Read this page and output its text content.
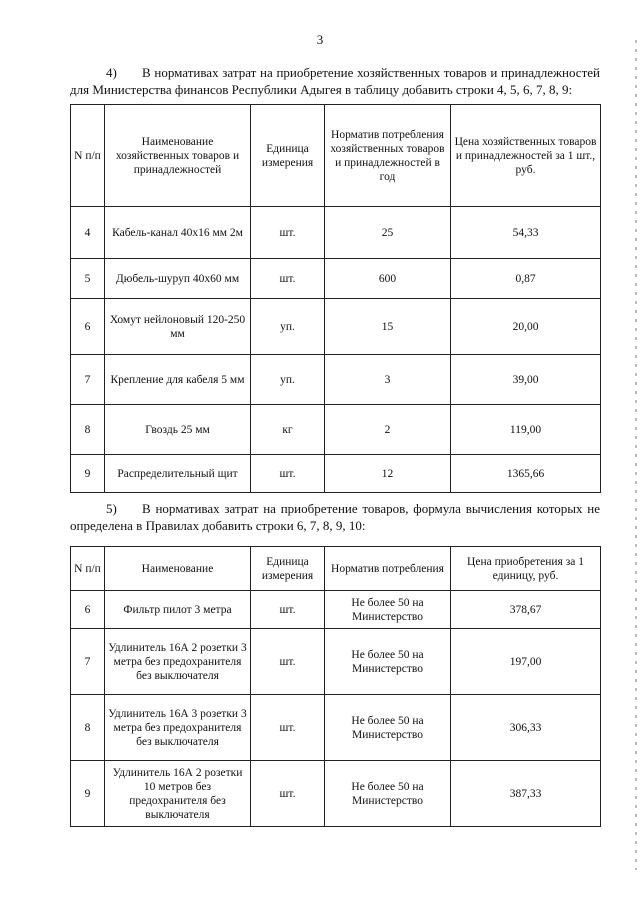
3
4) В нормативах затрат на приобретение хозяйственных товаров и принадлежностей
для Министерства финансов Республики Адыгея в таблицу добавить строки 4, 5, 6, 7, 8, 9:
N п/п	Наименование хозяйственных товаров и принадлежностей	Единица измерения	Норматив потребления хозяйственных товаров и принадлежностей в год	Цена хозяйственных товаров и принадлежностей за 1 шт., руб.
4	Кабель-канал 40х16 мм 2м	шт.	25	54,33
5	Дюбель-шуруп 40х60 мм	шт.	600	0,87
6	Хомут нейлоновый 120-250 мм	уп.	15	20,00
7	Крепление для кабеля 5 мм	уп.	3	39,00
8	Гвоздь 25 мм	кг	2	119,00
9	Распределительный щит	шт.	12	1365,66
5) В нормативах затрат на приобретение товаров, формула вычисления которых не
определена в Правилах добавить строки 6, 7, 8, 9, 10:
N п/п	Наименование	Единица измерения	Норматив потребления	Цена приобретения за 1 единицу, руб.
6	Фильтр пилот 3 метра	шт.	Не более 50 на Министерство	378,67
7	Удлинитель 16А 2 розетки 3 метра без предохранителя без выключателя	шт.	Не более 50 на Министерство	197,00
8	Удлинитель 16А 3 розетки 3 метра без предохранителя без выключателя	шт.	Не более 50 на Министерство	306,33
9	Удлинитель 16А 2 розетки 10 метров без предохранителя без выключателя	шт.	Не более 50 на Министерство	387,33
